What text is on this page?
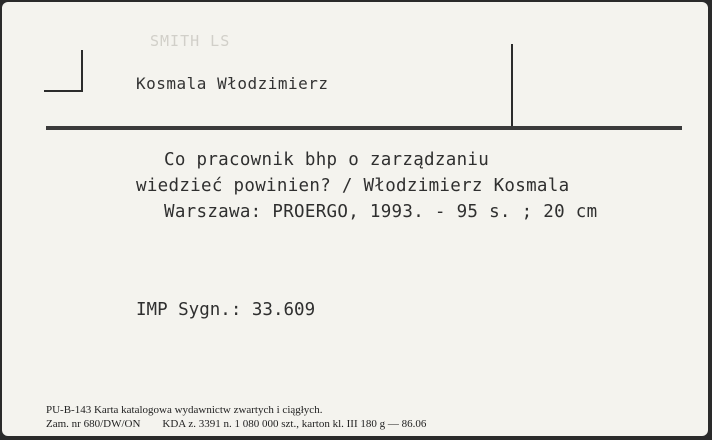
SMITH LS
Kosmala Włodzimierz
Co pracownik bhp o zarządzaniu
wiedzieć powinien? / Włodzimierz Kosmala
Warszawa: PROERGO, 1993. - 95 s. ; 20 cm
IMP Sygn.: 33.609
PU-B-143 Karta katalogowa wydawnictw zwartych i ciągłych.
Zam. nr 680/DW/ON        KDA z. 3391 n. 1 080 000 szt., karton kl. III 180 g — 86.06
